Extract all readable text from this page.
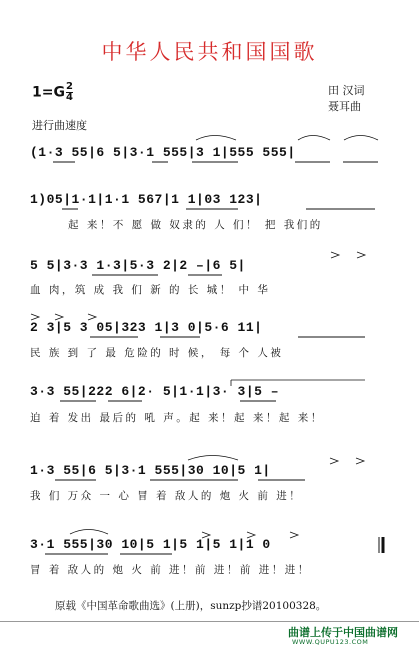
中华人民共和国国歌
$1=G \frac{2}{4}$	田 汉词
聂耳曲
进行曲速度
(1·3 55|6 5|3·1 555|3 1|555 555|
1)05|1·1|1·1 567|1 1|03 123|
起 来！不 愿 做 奴隶的 人 们！ 把 我们的
5 5|3·3 1·3|5·3 2|2 –|6 5|
血 肉，筑 成 我 们 新 的 长 城！ 中 华
2 3|5 3 05|323 1|3 0|5·6 11|
民 族 到 了 最 危险的 时 候， 每 个 人被
3·3 55|222 6|2· 5|1·1|3· 3|5 –
迫 着 发出 最后的 吼 声。起 来！起 来！起 来！
1·3 55|6 5|3·1 555|30 10|5 1|
我 们 万众 一 心 冒 着 敌人的 炮 火 前 进！
3·1 555|30 10|5 1|5 1|5 1|1 0
冒 着 敌人的 炮 火 前 进！前 进！前 进！进！
原载《中国革命歌曲选》(上册)，sunzp抄谱20100328。
曲谱上传于中国曲谱网
WWW.QUPU123.COM
